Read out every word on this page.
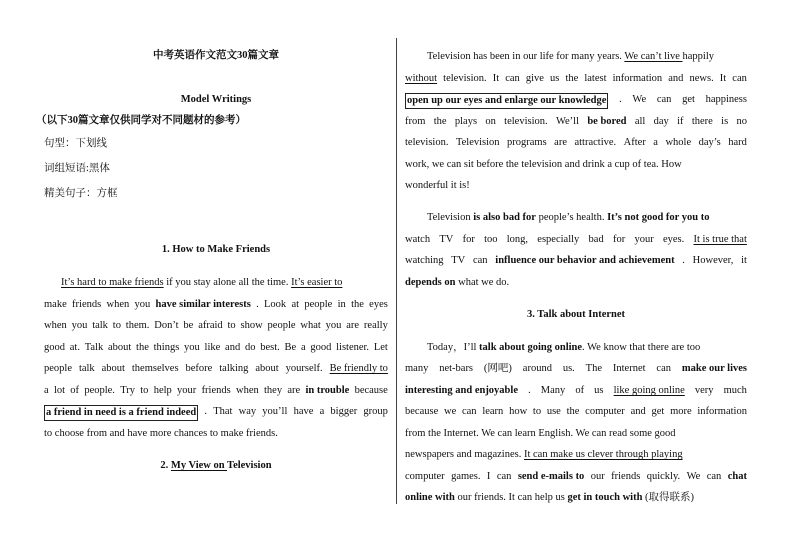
中考英语作文范文30篇文章
Model Writings
（以下30篇文章仅供同学对不同题材的参考）
句型：下划线
词组短语:黑体
精美句子：方框
1. How to Make Friends
It’s hard to make friends if you stay alone all the time. It’s easier to
make friends when you have similar interests . Look at people in the eyes
when you talk to them. Don’t be afraid to show people what you are really
good at. Talk about the things you like and do best. Be a good listener. Let
people talk about themselves before talking about yourself. Be friendly to
a lot of people. Try to help your friends when they are in trouble because
a friend in need is a friend indeed . That way you’ll have a bigger group
to choose from and have more chances to make friends.
2. My View on Television
Television has been in our life for many years. We can’t live happily
without television. It can give us the latest information and news. It can
open up our eyes and enlarge our knowledge . We can get happiness
from the plays on television. We’ll be bored all day if there is no
television. Television programs are attractive. After a whole day’s hard
work, we can sit before the television and drink a cup of tea. How
wonderful it is!
Television is also bad for people’s health. It’s not good for you to
watch TV for too long, especially bad for your eyes. It is true that
watching TV can influence our behavior and achievement . However, it
depends on what we do.
3. Talk about Internet
Today，I’ll talk about going online. We know that there are too
many net-bars (网吧) around us. The Internet can make our lives
interesting and enjoyable . Many of us like going online very much
because we can learn how to use the computer and get more information
from the Internet. We can learn English. We can read some good
newspapers and magazines. It can make us clever through playing
computer games. I can send e-mails to our friends quickly. We can chat
online with our friends. It can help us get in touch with (取得联系)
